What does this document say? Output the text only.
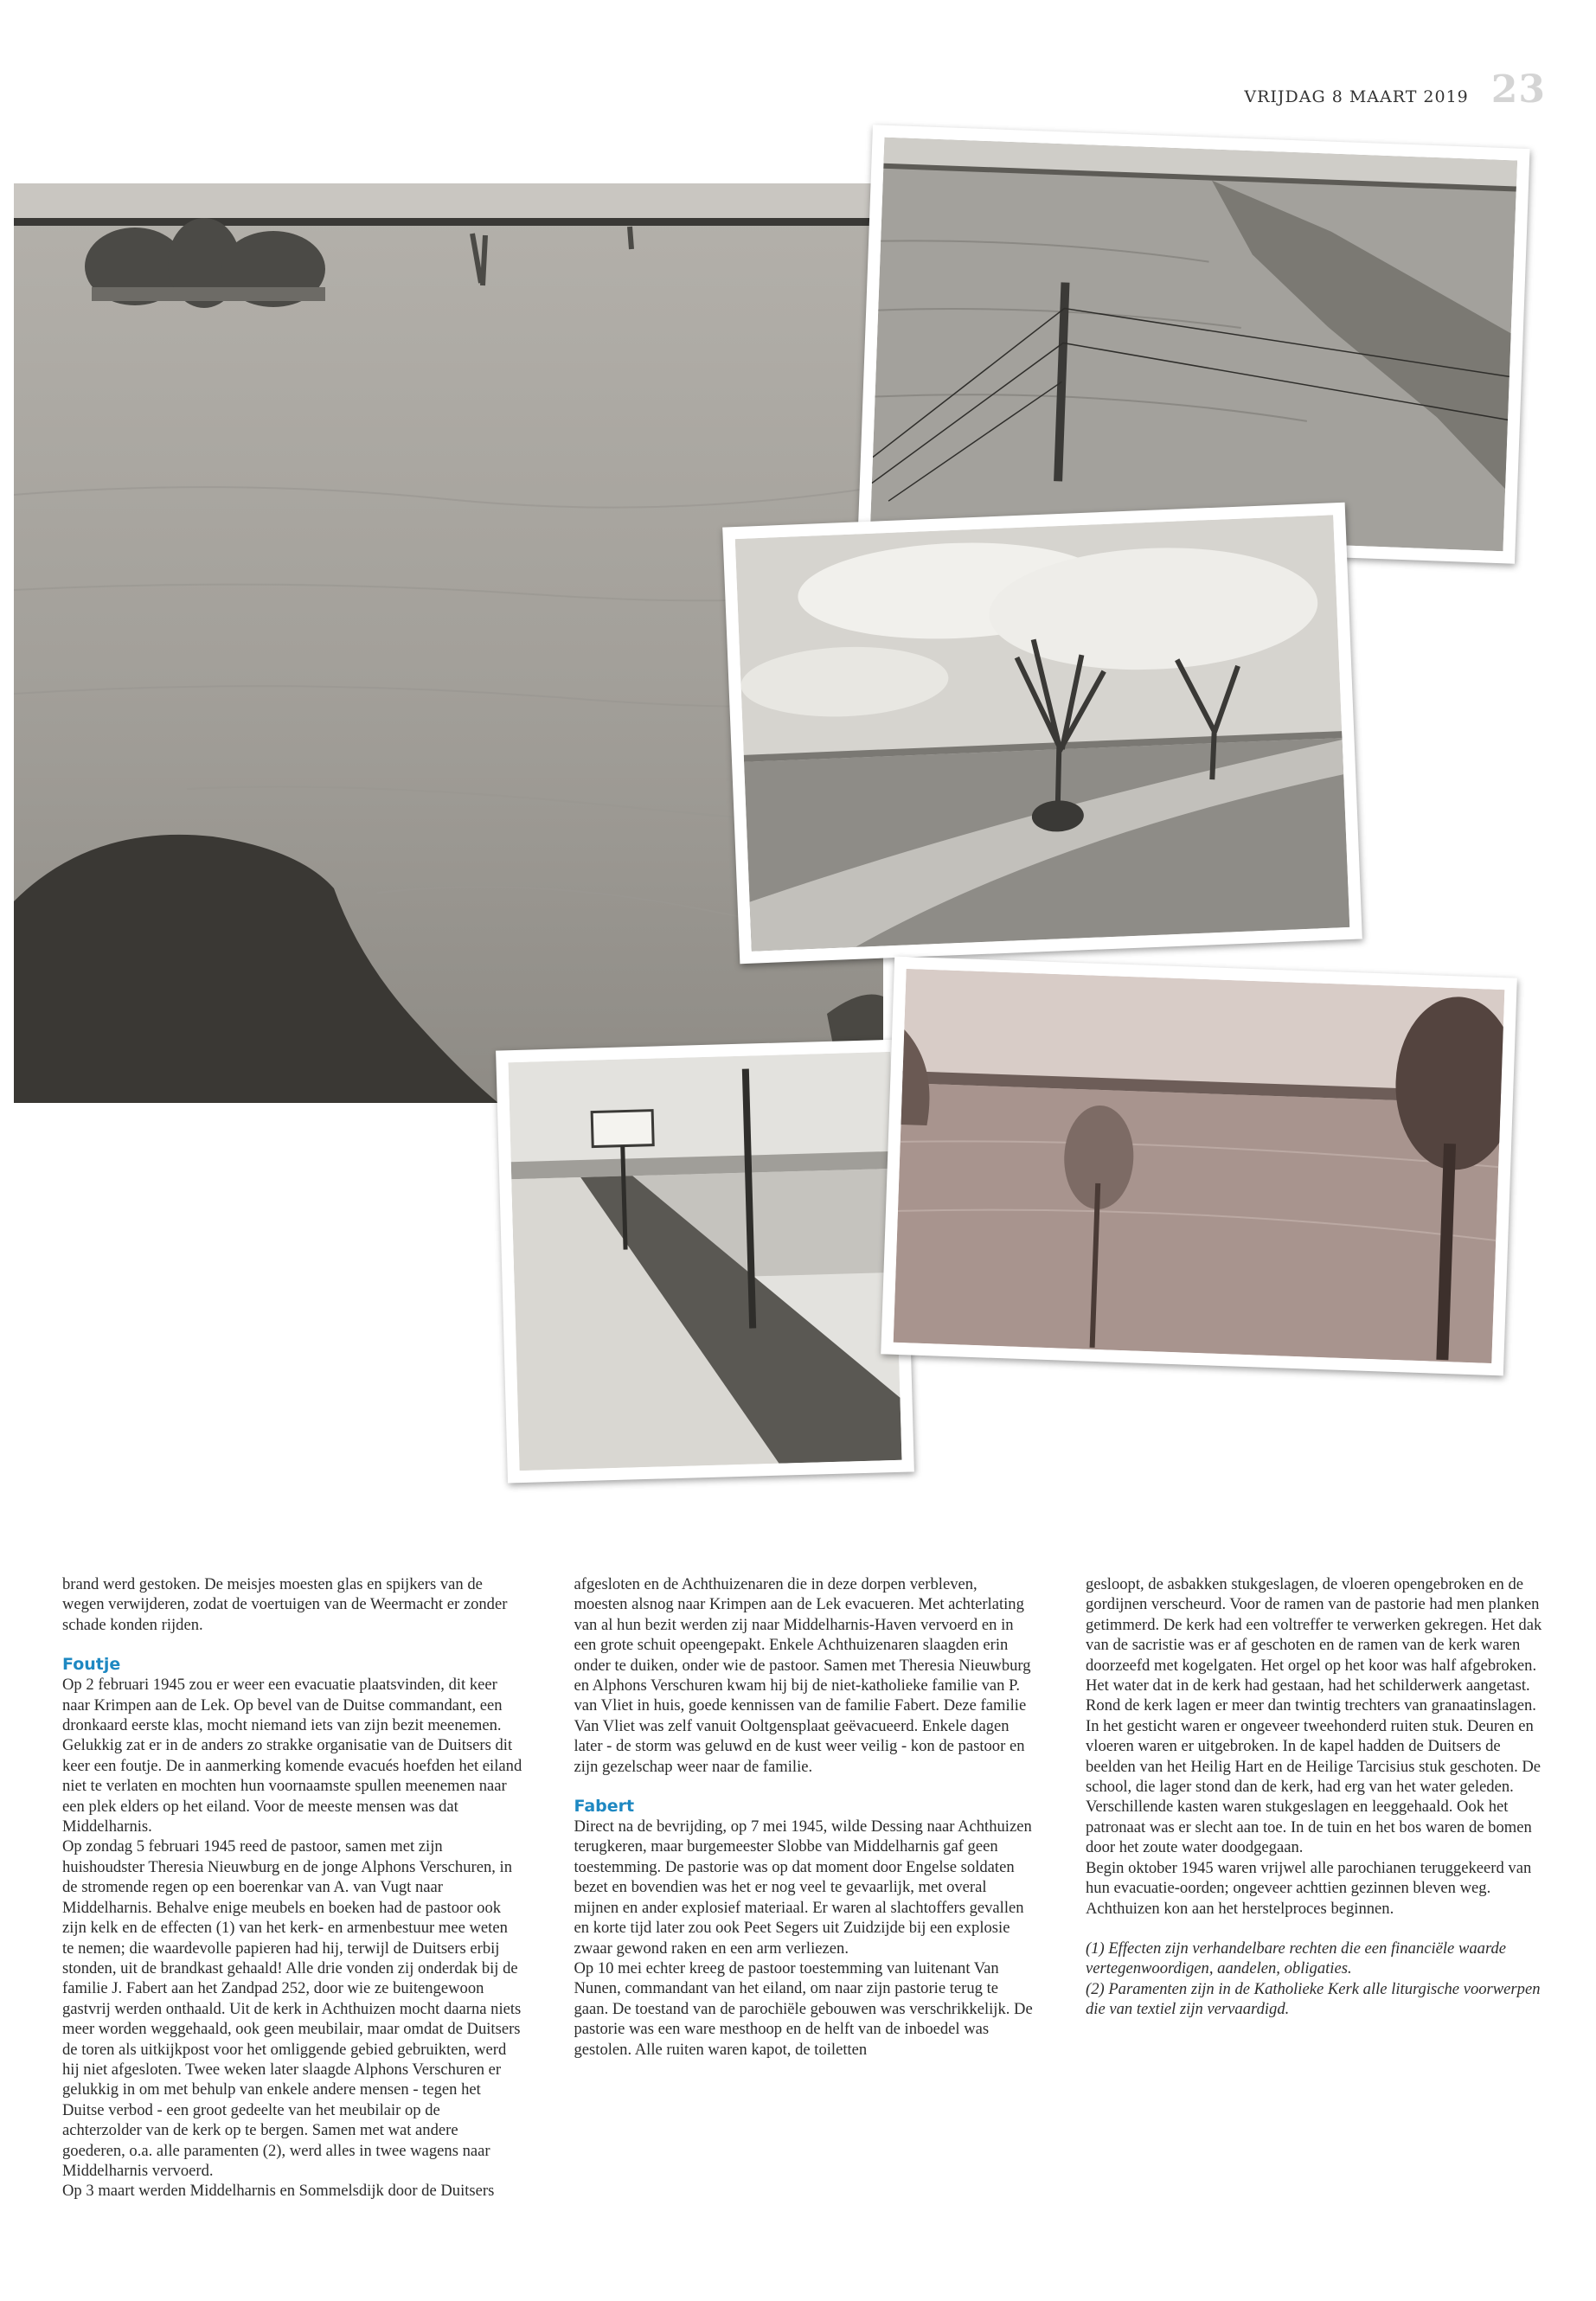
VRIJDAG 8 MAART 2019 23

brand werd gestoken. De meisjes moesten glas en spijkers van de wegen verwijderen, zodat de voertuigen van de Weermacht er zonder schade konden rijden.

Foutje

Op 2 februari 1945 zou er weer een evacuatie plaatsvinden, dit keer naar Krimpen aan de Lek. Op bevel van de Duitse commandant, een dronkaard eerste klas, mocht niemand iets van zijn bezit meenemen. Gelukkig zat er in de anders zo strakke organisatie van de Duitsers dit keer een foutje. De in aanmerking komende evacués hoefden het eiland niet te verlaten en mochten hun voornaamste spullen meenemen naar een plek elders op het eiland. Voor de meeste mensen was dat Middelharnis.

Op zondag 5 februari 1945 reed de pastoor, samen met zijn huishoudster Theresia Nieuwburg en de jonge Alphons Verschuren, in de stromende regen op een boerenkar van A. van Vugt naar Middelharnis. Behalve enige meubels en boeken had de pastoor ook zijn kelk en de effecten (1) van het kerk- en armenbestuur mee weten te nemen; die waardevolle papieren had hij, terwijl de Duitsers erbij stonden, uit de brandkast gehaald! Alle drie vonden zij onderdak bij de familie J. Fabert aan het Zandpad 252, door wie ze buitengewoon gastvrij werden onthaald. Uit de kerk in Achthuizen mocht daarna niets meer worden weggehaald, ook geen meubilair, maar omdat de Duitsers de toren als uitkijkpost voor het omliggende gebied gebruikten, werd hij niet afgesloten. Twee weken later slaagde Alphons Verschuren er gelukkig in om met behulp van enkele andere mensen - tegen het Duitse verbod - een groot gedeelte van het meubilair op de achterzolder van de kerk op te bergen. Samen met wat andere goederen, o.a. alle paramenten (2), werd alles in twee wagens naar Middelharnis vervoerd.

Op 3 maart werden Middelharnis en Sommelsdijk door de Duitsers

afgesloten en de Achthuizenaren die in deze dorpen verbleven, moesten alsnog naar Krimpen aan de Lek evacueren. Met achterlating van al hun bezit werden zij naar Middelharnis-Haven vervoerd en in een grote schuit opeengepakt. Enkele Achthuizenaren slaagden erin onder te duiken, onder wie de pastoor. Samen met Theresia Nieuwburg en Alphons Verschuren kwam hij bij de niet-katholieke familie van P. van Vliet in huis, goede kennissen van de familie Fabert. Deze familie Van Vliet was zelf vanuit Ooltgensplaat geëvacueerd. Enkele dagen later - de storm was geluwd en de kust weer veilig - kon de pastoor en zijn gezelschap weer naar de familie.

Fabert

Direct na de bevrijding, op 7 mei 1945, wilde Dessing naar Achthuizen terugkeren, maar burgemeester Slobbe van Middelharnis gaf geen toestemming. De pastorie was op dat moment door Engelse soldaten bezet en bovendien was het er nog veel te gevaarlijk, met overal mijnen en ander explosief materiaal. Er waren al slachtoffers gevallen en korte tijd later zou ook Peet Segers uit Zuidzijde bij een explosie zwaar gewond raken en een arm verliezen.

Op 10 mei echter kreeg de pastoor toestemming van luitenant Van Nunen, commandant van het eiland, om naar zijn pastorie terug te gaan. De toestand van de parochiële gebouwen was verschrikkelijk. De pastorie was een ware mesthoop en de helft van de inboedel was gestolen. Alle ruiten waren kapot, de toiletten

gesloopt, de asbakken stukgeslagen, de vloeren opengebroken en de gordijnen verscheurd. Voor de ramen van de pastorie had men planken getimmerd. De kerk had een voltreffer te verwerken gekregen. Het dak van de sacristie was er af geschoten en de ramen van de kerk waren doorzeefd met kogelgaten. Het orgel op het koor was half afgebroken. Het water dat in de kerk had gestaan, had het schilderwerk aangetast. Rond de kerk lagen er meer dan twintig trechters van granaatinslagen. In het gesticht waren er ongeveer tweehonderd ruiten stuk. Deuren en vloeren waren er uitgebroken. In de kapel hadden de Duitsers de beelden van het Heilig Hart en de Heilige Tarcisius stuk geschoten. De school, die lager stond dan de kerk, had erg van het water geleden. Verschillende kasten waren stukgeslagen en leeggehaald. Ook het patronaat was er slecht aan toe. In de tuin en het bos waren de bomen door het zoute water doodgegaan.

Begin oktober 1945 waren vrijwel alle parochianen teruggekeerd van hun evacuatie-oorden; ongeveer achttien gezinnen bleven weg. Achthuizen kon aan het herstelproces beginnen.

(1) Effecten zijn verhandelbare rechten die een financiële waarde vertegenwoordigen, aandelen, obligaties.

(2) Paramenten zijn in de Katholieke Kerk alle liturgische voorwerpen die van textiel zijn vervaardigd.
